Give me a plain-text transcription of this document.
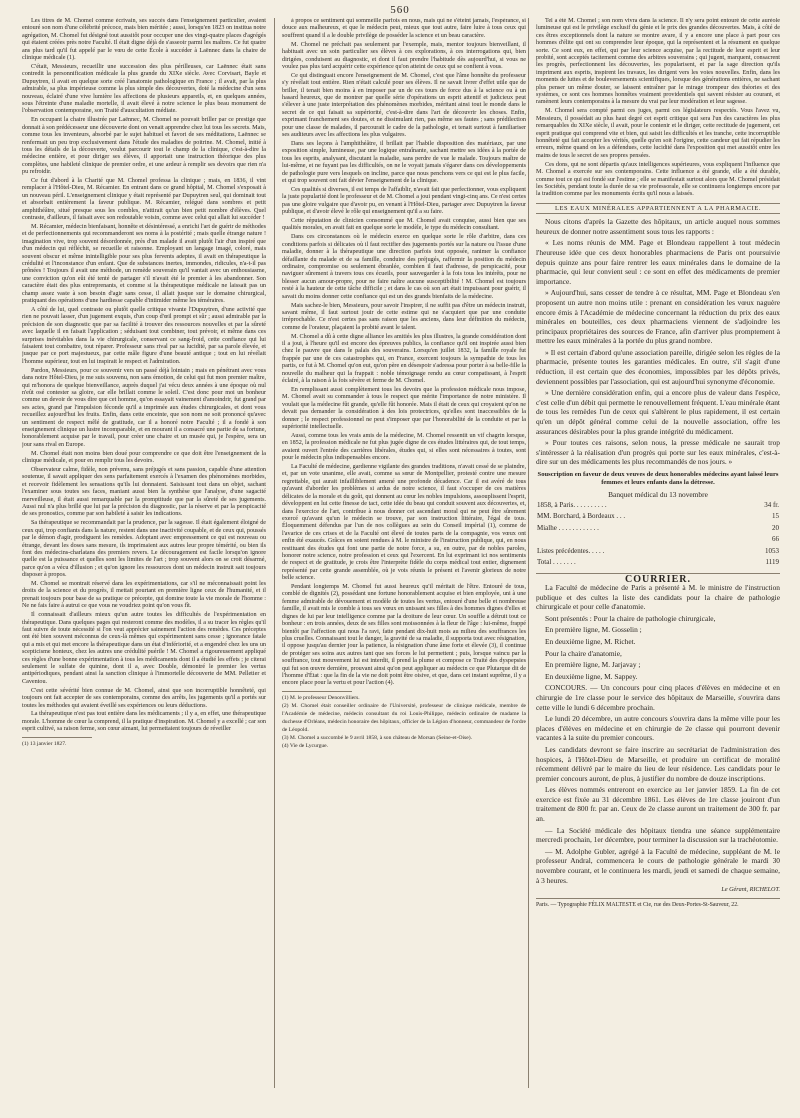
560

Les titres de M. Chomel comme écrivain, ses succès dans l'enseignement particulier, avaient entouré son nom d'une célébrité précoce, mais bien méritée ; aussi, lorsqu'en 1823 on institua notre agrégation, M. Chomel fut désigné tout aussitôt pour occuper une des vingt-quatre places d'agrégés qui étaient créées près notre Faculté. Il était digne déjà de s'asseoir parmi les maîtres. Ce fut quatre ans plus tard qu'il fut appelé par le vœu de cette École à succéder à Laënnec dans la chaire de clinique médicale (1).

C'était, Messieurs, recueillir une succession des plus périlleuses, car Laënnec était sans contredit la personnification médicale la plus grande du XIXe siècle. Avec Corvisart, Bayle et Dupuytren, il avait en quelque sorte créé l'anatomie pathologique en France ; il avait, par la plus admirable, sa plus impérieuse comme la plus simple des découvertes, doté la médecine d'un sens nouveau, éclairé d'une vive lumière les affections de plusieurs appareils, et, en quelques années, sous l'étreinte d'une maladie mortelle, il avait élevé à notre science le plus beau monument de l'observation contemporaine, son Traité d'auscultation médiate.

En occupant la chaire illustrée par Laënnec, M. Chomel ne pouvait briller par ce prestige que donnait à son prédécesseur une découverte dont on venait apprendre chez lui tous les secrets. Mais, comme tous les inventeurs, absorbé par le sujet habituel et favori de ses méditations, Laënnec se renfermait un peu trop exclusivement dans l'étude des maladies de poitrine. M. Chomel, initié à tous les détails de la découverte, voulut parcourir tout le champ de la clinique, c'est-à-dire la médecine entière, et pour diriger ses élèves, il apportait une instruction théorique des plus complètes, une habileté clinique de premier ordre, et une ardeur à remplir ses devoirs que rien n'a pu refroidir.

Ce fut d'abord à la Charité que M. Chomel professa la clinique ; mais, en 1836, il vint remplacer à l'Hôtel-Dieu, M. Récamier. En entrant dans ce grand hôpital, M. Chomel s'exposait à un nouveau péril. L'enseignement clinique y était représenté par Dupuytren seul, qui dominait tout et absorbait entièrement la faveur publique. M. Récamier, relégué dans sombres et petit amphithéâtre, situé presque sous les combles, n'attirait qu'un bien petit nombre d'élèves. Quel contraste, d'ailleurs, il faisait avec son redoutable voisin, comme avec celui qui allait lui succéder !

M. Récamier, médecin bienfaisant, honnête et désintéressé, a enrichi l'art de guérir de méthodes et de perfectionnements qui recommanderont ses noms à la postérité ; mais quelle étrange nature ! imagination vive, trop souvent désordonnée, près d'un malade il avait plutôt l'air d'un inspiré que d'un médecin qui réfléchit, se recueille et raisonne. Employant un langage imagé, coloré, mais souvent obscur et même inintelligible pour ses plus fervents adeptes, il avait en thérapeutique la crédulité et l'inconstance d'un enfant. Que de substances inertes, immondes, ridicules, n'a-t-il pas prônées ! Toujours il avait une méthode, un remède souverain qu'il vantait avec un enthousiasme, une conviction qu'on eût été tenté de partager s'il n'avait été le premier à les abandonner. Son caractère était des plus entreprenants, et comme si la thérapeutique médicale ne laissait pas un champ assez vaste à son besoin d'agir sans cesse, il allait jusque sur le domaine chirurgical, pratiquant des opérations d'une hardiesse capable d'intimider même les téméraires.

A côté de lui, quel contraste ou plutôt quelle critique vivante l'Dupuytren, d'une activité que rien ne pouvait lasser, d'un jugement exquis, d'un coup d'œil prompt et sûr ; aussi admirable par la précision de son diagnostic que par sa facilité à trouver des ressources nouvelles et par la sûreté avec laquelle il en faisait l'application ; séduisant tout combiner, tout prévoir, et même dans ces surprises inévitables dans la vie chirurgicale, conservant ce sang-froid, cette confiance qui lui faisaient tout combattre, tout réparer. Professeur sans rival par sa lucidité, par sa parole élevée, et jusque par ce port majestueux, par cette mâle figure d'une beauté antique ; tout en lui révélait l'homme supérieur, tout en lui inspirait le respect et l'admiration.

Pardon, Messieurs, pour ce souvenir vers un passé déjà lointain ; mais en pénétrant avec vous dans notre Hôtel-Dieu, je me suis souvenu, non sans émotion, de celui qui fut mon premier maître, qui m'honora de quelque bienveillance, auprès duquel j'ai vécu deux années à une époque où nul n'eût osé contester sa gloire, car elle brillait comme le soleil. C'est donc pour moi un bonheur comme un devoir de vous dire que cet homme, qu'on essayait vainement d'amoindrir, fut grand par ses actes, grand par l'impulsion féconde qu'il a imprimée aux études chirurgicales, et dont vous recueillez aujourd'hui les fruits. Enfin, dans cette enceinte, que son nom ne soit prononcé qu'avec un sentiment de respect mêlé de gratitude, car il a honoré notre Faculté ; il a fondé à son enseignement clinique un lustre incomparable, et en mourant il a consacré une partie de sa fortune, honorablement acquise par le travail, pour créer une chaire et un musée qui, je l'espère, sera un jour sans rival en Europe.

M. Chomel était non moins bien doué pour comprendre ce que doit être l'enseignement de la clinique médicale, et pour en remplir tous les devoirs.

Observateur calme, fidèle, non prévenu, sans préjugés et sans passion, capable d'une attention soutenue, il savait appliquer des sens parfaitement exercés à l'examen des phénomènes morbides, et recevoir fidèlement les sensations qu'ils lui donnaient. Saisissant tout dans un objet, sachant l'examiner sous toutes ses faces, maniant aussi bien la synthèse que l'analyse, d'une sagacité merveilleuse, il était aussi remarquable par la promptitude que par la sûreté de ses jugements. Aussi nul n'a plus brillé que lui par la précision du diagnostic, par la réserve et par la perspicacité de ses pronostics, comme par son habileté à saisir les indications.

Sa thérapeutique se recommandait par la prudence, par la sagesse. Il était également éloigné de ceux qui, trop confiants dans la nature, restent dans une inactivité coupable, et de ceux qui, poussés par le démon d'agir, prodiguent les remèdes. Adoptant avec empressement ce qui est nouveau ou étrange, devant les doses sans mesure, ils imprimaient aux autres leur propre témérité, ou bien ils font des médecins-charlatans des premiers revers. Le découragement est facile lorsqu'on ignore quelle est la puissance et quelles sont les limites de l'art ; trop souvent alors on se croit désarmé, parce qu'on a vécu d'illusion ; et qu'on ignore les ressources dont un médecin instruit sait toujours disposer à propos.

M. Chomel se montrait réservé dans les expérimentations, car s'il ne méconnaissait point les droits de la science et du progrès, il mettait pourtant en première ligne ceux de l'humanité, et il prenait toujours pour base de sa pratique ce précepte, qui domine toute la vie morale de l'homme : Ne ne fais faire à autrui ce que vous ne voudriez point qu'on vous fît.

Il connaissait d'ailleurs mieux qu'un autre toutes les difficultés de l'expérimentation en thérapeutique. Dans quelques pages qui resteront comme des modèles, il a su tracer les règles qu'il faut suivre de toute nécessité si l'on veut apprécier sainement l'action des remèdes. Ces préceptes ont été bien souvent méconnus de ceux-là mêmes qui expérimentent sans cesse ; ignorance fatale qui a mis et qui met encore la thérapeutique dans un état d'infériorité, et a engendré chez les uns un scepticisme honteux, chez les autres une crédulité puérile ! M. Chomel a rigoureusement appliqué ces règles d'une bonne expérimentation à tous les médicaments dont il a étudié les effets ; je citerai seulement le sulfate de quinine, dont il a, avec Double, démontré le premier les vertus antipériodiques, pendant ainsi la sanction clinique à l'immortelle découverte de MM. Pelletier et Caventou.

C'est cette sévérité bien connue de M. Chomel, ainsi que son incorruptible honnêteté, qui toujours ont fait accepter de ses contemporains, comme des arrêts, les jugements qu'il a portés sur toutes les méthodes qui avaient éveillé ses expériences ou leurs déductions.

La thérapeutique n'est pas tout entière dans les médicaments ; il y a, en effet, une thérapeutique morale. L'homme de cœur la comprend, il la pratique d'inspiration. M. Chomel y a excellé ; car son esprit cultivé, sa raison ferme, son cœur aimant, lui permettaient toujours de réveiller

(1) 13 janvier 1827.

à propos ce sentiment qui sommeille parfois en nous, mais qui ne s'éteint jamais, l'espérance, si douce aux malheureux, et que le médecin peut, mieux que tout autre, faire luire à tous ceux qui souffrent quand il a le double privilège de posséder la science et un beau caractère.

M. Chomel ne préchait pas seulement par l'exemple, mais, mentor toujours bienveillant, il habituait avec un soin particulier ses élèves à ces explorations, à ces interrogations qui, bien dirigées, conduisent au diagnostic, et dont il faut prendre l'habitude dès aujourd'hui, si vous ne voulez pas plus tard acquérir cette expérience qu'on atteint de ceux qui se confient à vous.

Ce qui distinguait encore l'enseignement de M. Chomel, c'est que l'âme honnête du professeur s'y révélait tout entière. Rien n'était calculé pour ses élèves. Il ne savait livrer d'effet utile que de briller, il tenait bien moins à en imposer par un de ces tours de force dus à la science ou à un hasard heureux, que de montrer par quelle série d'opérations un esprit attentif et judicieux peut s'élever à une juste interprétation des phénomènes morbides, méritant ainsi tout le monde dans le secret de ce qui faisait sa supériorité, c'est-à-dire dans l'art de découvrir les choses. Enfin, exprimant franchement ses doutes, et ne dissimulant rien, pas même ses fautes ; sans prédilection pour une classe de malades, il parcourait le cadre de la pathologie, et tenait surtout à familiariser ses auditeurs avec les affections les plus vulgaires.

Dans ses leçons à l'amphithéâtre, il brillait par l'habile disposition des matériaux, par une exposition simple, lumineuse, par une logique entraînante, sachant mettre ses idées à la portée de tous les esprits, analysant, discutant la maladie, sans perdre de vue le malade. Toujours maître de lui-même, et ne fuyant pas les difficultés, on ne le voyait jamais s'égarer dans ces développements de pathologie pure vers lesquels on incline, parce que nous penchons vers ce qui est le plus facile, et qui trop souvent ont fait dévier l'enseignement de la clinique.

Ces qualités si diverses, il est temps de l'affaiblir, n'avait fait que perfectionner, vous expliquent la juste popularité dont le professeur et de M. Chomel a joui pendant vingt-cinq ans. Ce n'est certes pas une gloire vulgaire que d'avoir pu, en venant à l'Hôtel-Dieu, partager avec Dupuytren la faveur publique, et d'avoir élevé le rôle qui enseignement qu'il a su faire.

Cette réputation de clinicien consommé que M. Chomel avait conquise, aussi bien que ses qualités morales, en avait fait en quelque sorte le modèle, le type du médecin consultant.

Dans ces circonstances où le médecin exerce en quelque sorte le rôle d'arbitre, dans ces conditions parfois si délicates où il faut rectifier des jugements portés sur la nature ou l'issue d'une maladie, donner à la thérapeutique une direction parfois tout opposée, ranimer la confiance défaillante du malade et de sa famille, conduire des préjugés, raffermir la position du médecin ordinaire, compromise ou seulement ébranlée, combien il faut d'adresse, de perspicacité, pour naviguer sûrement à travers tous ces écueils, pour sauvegarder à la fois tous les intérêts, pour ne blesser aucun amour-propre, pour ne faire naître aucune susceptibilité ! M. Chomel est toujours resté à la hauteur de cette tâche difficile ; et dans le cas où son art était impuissant pour guérir, il savait du moins donner cette confiance qui est un des grands bienfaits de la médecine.

Mais sachez-le bien, Messieurs, pour savoir l'inspirer, il ne suffit pas d'être un médecin instruit, savant même, il faut surtout jouir de cette estime qui ne s'acquiert que par une conduite irréprochable. Ce n'est certes pas sans raison que les anciens, dans leur définition du médecin, comme de l'orateur, plaçaient la probité avant le talent.

M. Chomel a dû à cette digne alliance les amitiés les plus illustres, la grande considération dont il a joui, à l'heure qu'il est encore des épreuves publics, la confiance qu'il ont inspirée aussi bien chez le pauvre que dans le palais des souverains. Lorsqu'en juillet 1832, la famille royale fut frappée par une de ces catastrophes qui, en France, exercent toujours la sympathie de tous les partis, ce fut à M. Chomel qu'on eut, qu'on père en désespoir s'adressa pour porter à sa belle-fille la nouvelle du malheur qui la frappait : noble témoignage rendu au cœur compatissant, à l'esprit éclairé, à la raison à la fois sévère et ferme de M. Chomel.

En remplissant aussi complètement tous les devoirs que la profession médicale nous impose, M. Chomel avait su commander à tous le respect que mérite l'importance de notre ministère. Il voulait que la médecine fût grande, qu'elle fût honorée. Mais il était de ceux qui croyaient qu'on ne devait pas demander la considération à des lois protectrices, qu'elles sont inaccessibles de la donner ; le respect professionnel ne peut s'imposer que par l'honorabilité de la conduite et par la supériorité intellectuelle.

Aussi, comme tous les vrais amis de la médecine, M. Chomel ressentit un vif chagrin lorsque, en 1852, la profession médicale ne fut plus jugée digne de ces études littéraires qui, de tout temps, avaient ouvert l'entrée des carrières libérales, études qui, si elles sont nécessaires à toutes, sont pour le médecin plus indispensables encore.

La Faculté de médecine, gardienne vigilante des grandes traditions, n'avait cessé de se plaindre, et, par un vote unanime, elle avait, comme sa sœur de Montpellier, protesté contre une mesure regrettable, qui aurait infailliblement amené une profonde décadence. Car il est avéré de tous qu'avant d'aborder les problèmes si ardus de notre science, il faut s'occuper de ces matières délicates de la morale et du goût, qui donnent au cœur les nobles impulsions, assouplissent l'esprit, développent en lui cette finesse de tact, cette idée du beau qui conduit souvent aux découvertes, et, dans l'exercice de l'art, contribue à nous donner cet ascendant moral qui ne peut être sûrement exercé qu'avant qu'un le médecin se trouve, par son instruction littéraire, l'égal de tous. Éloquemment défendus par l'un de nos collègues au sein du Conseil impérial (1), comme de l'avarice de ces crises et de la Faculté ont élevé de toutes parts de la compagnie, vos vœux ont enfin été exaucés. Grâces en soient rendues à M. le ministre de l'instruction publique, qui, en nous restituant des études qui font une partie de notre force, a su, en outre, par de nobles paroles, honorer notre science, notre profession et ceux qui l'exercent. En lui exprimant ici nos sentiments de respect et de gratitude, je crois être l'interprète fidèle du corps médical tout entier, dignement représenté par cette grande assemblée, où je vois réunis le présent et l'avenir glorieux de notre belle science.

Pendant longtemps M. Chomel fut aussi heureux qu'il méritait de l'être. Entouré de tous, comblé de dignités (2), possédant une fortune honorablement acquise et bien employée, uni à une femme admirable de dévouement et modèle de toutes les vertus, entouré d'une belle et nombreuse famille, il avait mis le comble à tous ses vœux en unissant ses filles à des hommes dignes d'elles et dignes de lui par leur intelligence comme par la droiture de leur cœur. Un souffle a détruit tout ce bonheur : en trois années, deux de ses filles sont moissonnées à la fleur de l'âge : lui-même, frappé bientôt par l'affection qui nous l'a ravi, fatte pendant dix-huit mois au milieu des souffrances les plus cruelles. Connaissant tout le danger, la gravité de sa maladie, il supporta tout avec résignation, il oppose jusqu'au dernier jour la patience, la résignation d'une âme forte et élevée (3), il continue de protéger ses soins aux autres tant que ses forces le lui permettent ; puis, lorsque vaincu par la souffrance, tout mouvement lui est interdit, il prend la plume et compose ce Traité des dyspepsies qui fut son œuvre dernière, prouvant ainsi qu'on peut appliquer au médecin ce que Plutarque dit de l'homme d'État : que la fin de la vie ne doit point être oisive, et que, dans cet instant suprême, il y a encore place pour la vertu et pour l'action (4).

(1) M. le professeur Denonvilliers.
(2) M. Chomel était conseiller ordinaire de l'Université, professeur de clinique médicale, membre de l'Académie de médecine, médecin consultant du roi Louis-Philippe, médecin ordinaire de madame la duchesse d'Orléans, médecin honoraire des hôpitaux, officier de la Légion d'honneur, commandeur de l'ordre de Léopold.
(3) M. Chomel a succombé le 9 avril 1858, à son château de Morsan (Seine-et-Oise).
(4) Vie de Lycurgue.

Tel a été M. Chomel ; son nom vivra dans la science. Il n'y sera point entouré de cette auréole lumineuse qui est le privilège exclusif du génie et le prix des grandes découvertes. Mais, à côté de ces êtres exceptionnels dont la nature se montre avare, il y a encore une place à part pour ces hommes d'élite qui ont su comprendre leur époque, qui la représentent et la résument en quelque sorte. Ce sont eux, en effet, qui par leur science acquise, par la rectitude de leur esprit et leur probité, sont acceptés tacitement comme des arbitres souverains ; qui jugent, marquent, consacrent les progrès, perfectionnent les découvertes, les popularisent, et par la sage direction qu'ils impriment aux esprits, inspirent les travaux, les dirigent vers les voies nouvelles. Enfin, dans les moments de luttes et de bouleversements scientifiques, lorsque des générations entières, ne sachant plus penser un même douter, se laissent entraîner par le mirage trompeur des théories et des systèmes, ce sont ces hommes honnêtes vraiment providentiels qui savent résister au courant, et ramènent leurs contemporains à la mesure du vrai par leur modération et leur sagesse.

M. Chomel sera compté parmi ces juges, parmi ces législateurs respectés. Vous l'avez vu, Messieurs, il possédait au plus haut degré cet esprit critique qui sera l'un des caractères les plus remarquables du XIXe siècle, il avait, pour le contenir et le diriger, cette rectitude de jugement, cet esprit pratique qui comprend vite et bien, qui saisit les difficultés et les tranche, cette incorruptible honnêteté qui fait accepter les vérités, quelle qu'en soit l'origine, cette candeur qui fait répudier les erreurs, même quand on les a défendues, cette lucidité dans l'exposition qui met aussitôt entre les mains de tous le secret de ses propres pensées.

Ces dons, qui ne sont départis qu'aux intelligences supérieures, vous expliquent l'influence que M. Chomel a exercée sur ses contemporains. Cette influence a été grande, elle a été durable, comme tout ce qui est fondé sur l'estime ; elle se manifestait surtout alors que M. Chomel présidait les Sociétés, pendant toute la durée de sa vie professorale, elle se continuera longtemps encore par la tradition comme par les monuments écrits qu'il nous a laissés.

LES EAUX MINÉRALES APPARTIENNENT A LA PHARMACIE.

Nous citons d'après la Gazette des hôpitaux, un article auquel nous sommes heureux de donner notre assentiment sous tous les rapports :

« Les noms réunis de MM. Page et Blondeau rappellent à tout médecin l'heureuse idée que ces deux honorables pharmaciens de Paris ont poursuivie depuis quinze ans pour faire rentrer les eaux minérales dans le domaine de la pharmacie, qui leur convient seul : ce sont en effet des médicaments de premier importance.

» Aujourd'hui, sans cesser de tendre à ce résultat, MM. Page et Blondeau s'en proposent un autre non moins utile : prenant en considération les vœux naguère encore émis à l'Académie de médecine concernant la réduction du prix des eaux minérales en bouteilles, ces deux pharmaciens viennent de s'adjoindre les principaux propriétaires des sources de France, afin d'arriver plus promptement à mettre les eaux minérales à la portée du plus grand nombre.

» Il est certain d'abord qu'une association pareille, dirigée selon les règles de la pharmacie, présente toutes les garanties médicales. En outre, s'il s'agit d'une réduction, il est certain que des économies, impossibles par les dépôts privés, deviennent possibles par l'association, qui est aujourd'hui synonyme d'économie.

» Une dernière considération enfin, qui a encore plus de valeur dans l'espèce, c'est celle d'un débit qui permette le renouvellement fréquent. L'eau minérale étant de tous les remèdes l'un de ceux qui s'altèrent le plus rapidement, il est certain qu'en un dépôt général comme celui de la nouvelle association, offre les assurances désirables pour la plus grande intégrité du médicament.

» Pour toutes ces raisons, selon nous, la presse médicale ne saurait trop s'intéresser à la réalisation d'un progrès qui porte sur les eaux minérales, c'est-à-dire sur un des médicaments les plus recommandés de nos jours. »

Souscription en faveur de deux veuves de deux honorables médecins ayant laissé leurs femmes et leurs enfants dans la détresse.
Banquet médical du 13 novembre
1858, à Paris. . . . . . . . . .	34 fr.
MM. Borchard, à Bordeaux . . .	15
Mialhe . . . . . . . . . . . .	20
	66
Listes précédentes. . . . .	1053
Total . . . . . . .	1119
COURRIER.

La Faculté de médecine de Paris a présenté à M. le ministre de l'instruction publique et des cultes la liste des candidats pour la chaire de pathologie chirurgicale et pour celle d'anatomie.

Sont présentés : Pour la chaire de pathologie chirurgicale,

En première ligne, M. Gosselin ;

En deuxième ligne, M. Richet.

Pour la chaire d'anatomie,

En première ligne, M. Jarjavay ;

En deuxième ligne, M. Sappey.

CONCOURS. — Un concours pour cinq places d'élèves en médecine et en chirurgie de 1re classe pour le service des hôpitaux de Marseille, s'ouvrira dans cette ville le lundi 6 décembre prochain.

Le lundi 20 décembre, un autre concours s'ouvrira dans la même ville pour les places d'élèves en médecine et en chirurgie de 2e classe qui pourront devenir vacantes à la suite du premier concours.

Les candidats devront se faire inscrire au secrétariat de l'administration des hospices, à l'Hôtel-Dieu de Marseille, et produire un certificat de moralité récemment délivré par le maire du lieu de leur résidence. Les candidats pour le premier concours auront, de plus, à justifier du nombre de douze inscriptions.

Les élèves nommés entreront en exercice au 1er janvier 1859. La fin de cet exercice est fixée au 31 décembre 1861. Les élèves de 1re classe jouiront d'un traitement de 800 fr. par an. Ceux de 2e classe auront un traitement de 300 fr. par an.

— La Société médicale des hôpitaux tiendra une séance supplémentaire mercredi prochain, 1er décembre, pour terminer la discussion sur la trachéotomie.

— M. Adolphe Gubler, agrégé à la Faculté de médecine, suppléant de M. le professeur Andral, commencera le cours de pathologie générale le mardi 30 novembre courant, et le continuera les mardi, jeudi et samedi de chaque semaine, à 3 heures.

Le Gérant, RICHELOT.
Paris. — Typographie FÉLIX MALTESTE et Cie, rue des Deux-Portes-St-Sauveur, 22.
